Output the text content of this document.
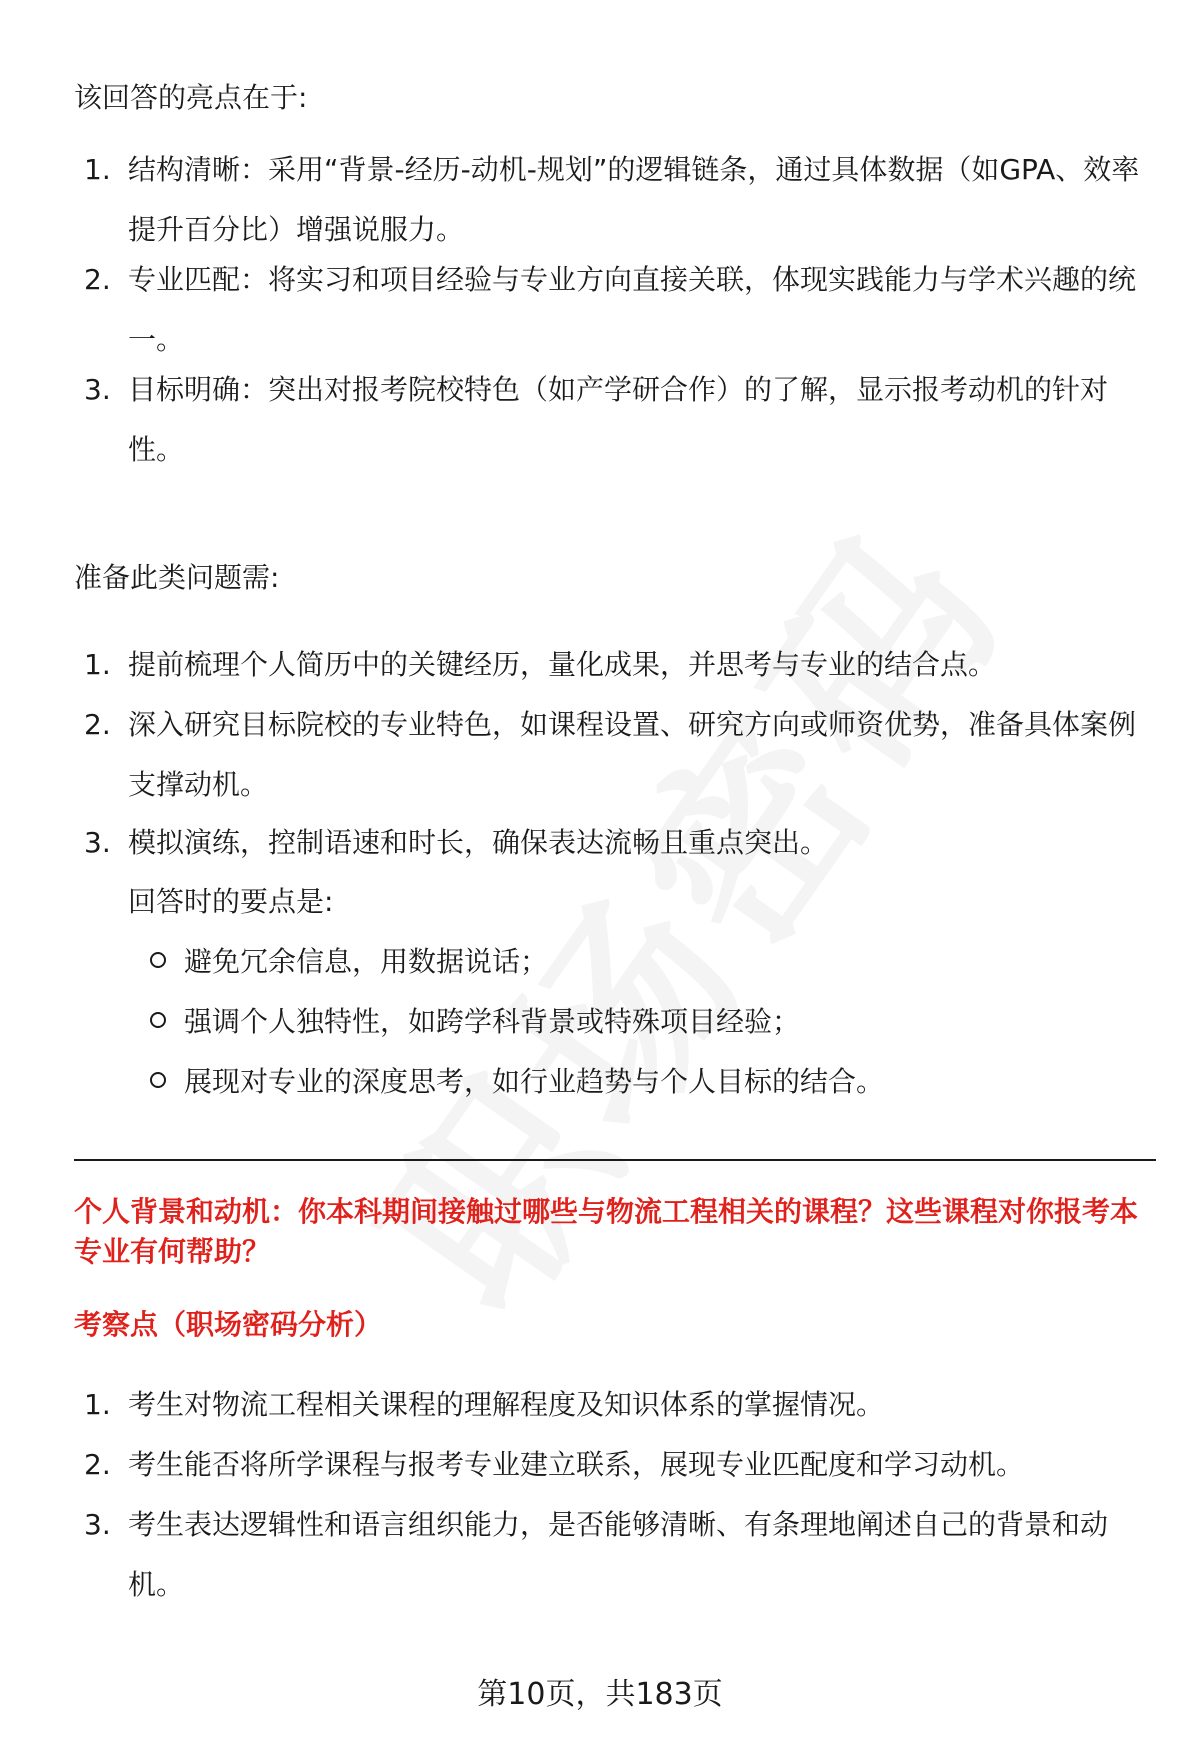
该回答的亮点在于:
1. 结构清晰：采用“背景-经历-动机-规划”的逻辑链条，通过具体数据（如GPA、效率提升百分比）增强说服力。
2. 专业匹配：将实习和项目经验与专业方向直接关联，体现实践能力与学术兴趣的统一。
3. 目标明确：突出对报考院校特色（如产学研合作）的了解，显示报考动机的针对性。
准备此类问题需:
1. 提前梳理个人简历中的关键经历，量化成果，并思考与专业的结合点。
2. 深入研究目标院校的专业特色，如课程设置、研究方向或师资优势，准备具体案例支撑动机。
3. 模拟演练，控制语速和时长，确保表达流畅且重点突出。
回答时的要点是:
避免冗余信息，用数据说话；
强调个人独特性，如跨学科背景或特殊项目经验；
展现对专业的深度思考，如行业趋势与个人目标的结合。
个人背景和动机：你本科期间接触过哪些与物流工程相关的课程？这些课程对你报考本专业有何帮助？
考察点（职场密码分析）
1. 考生对物流工程相关课程的理解程度及知识体系的掌握情况。
2. 考生能否将所学课程与报考专业建立联系，展现专业匹配度和学习动机。
3. 考生表达逻辑性和语言组织能力，是否能够清晰、有条理地阐述自己的背景和动机。
第10页，共183页
